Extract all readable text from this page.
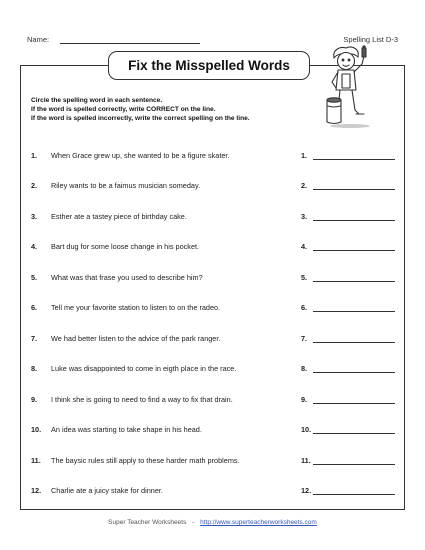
Name:	Spelling List D-3
Fix the Misspelled Words
Circle the spelling word in each sentence.
If the word is spelled correctly, write CORRECT on the line.
If the word is spelled incorrectly, write the correct spelling on the line.
1. When Grace grew up, she wanted to be a figure skater.	1.
2. Riley wants to be a faimus musician someday.	2.
3. Esther ate a tastey piece of birthday cake.	3.
4. Bart dug for some loose change in his pocket.	4.
5. What was that frase you used to describe him?	5.
6. Tell me your favorite station to listen to on the radeo.	6.
7. We had better listen to the advice of the park ranger.	7.
8. Luke was disappointed to come in eigth place in the race.	8.
9. I think she is going to need to find a way to fix that drain.	9.
10. An idea was starting to take shape in his head.	10.
11. The baysic rules still apply to these harder math problems.	11.
12. Charlie ate a juicy stake for dinner.	12.
Super Teacher Worksheets - http://www.superteacherworksheets.com
